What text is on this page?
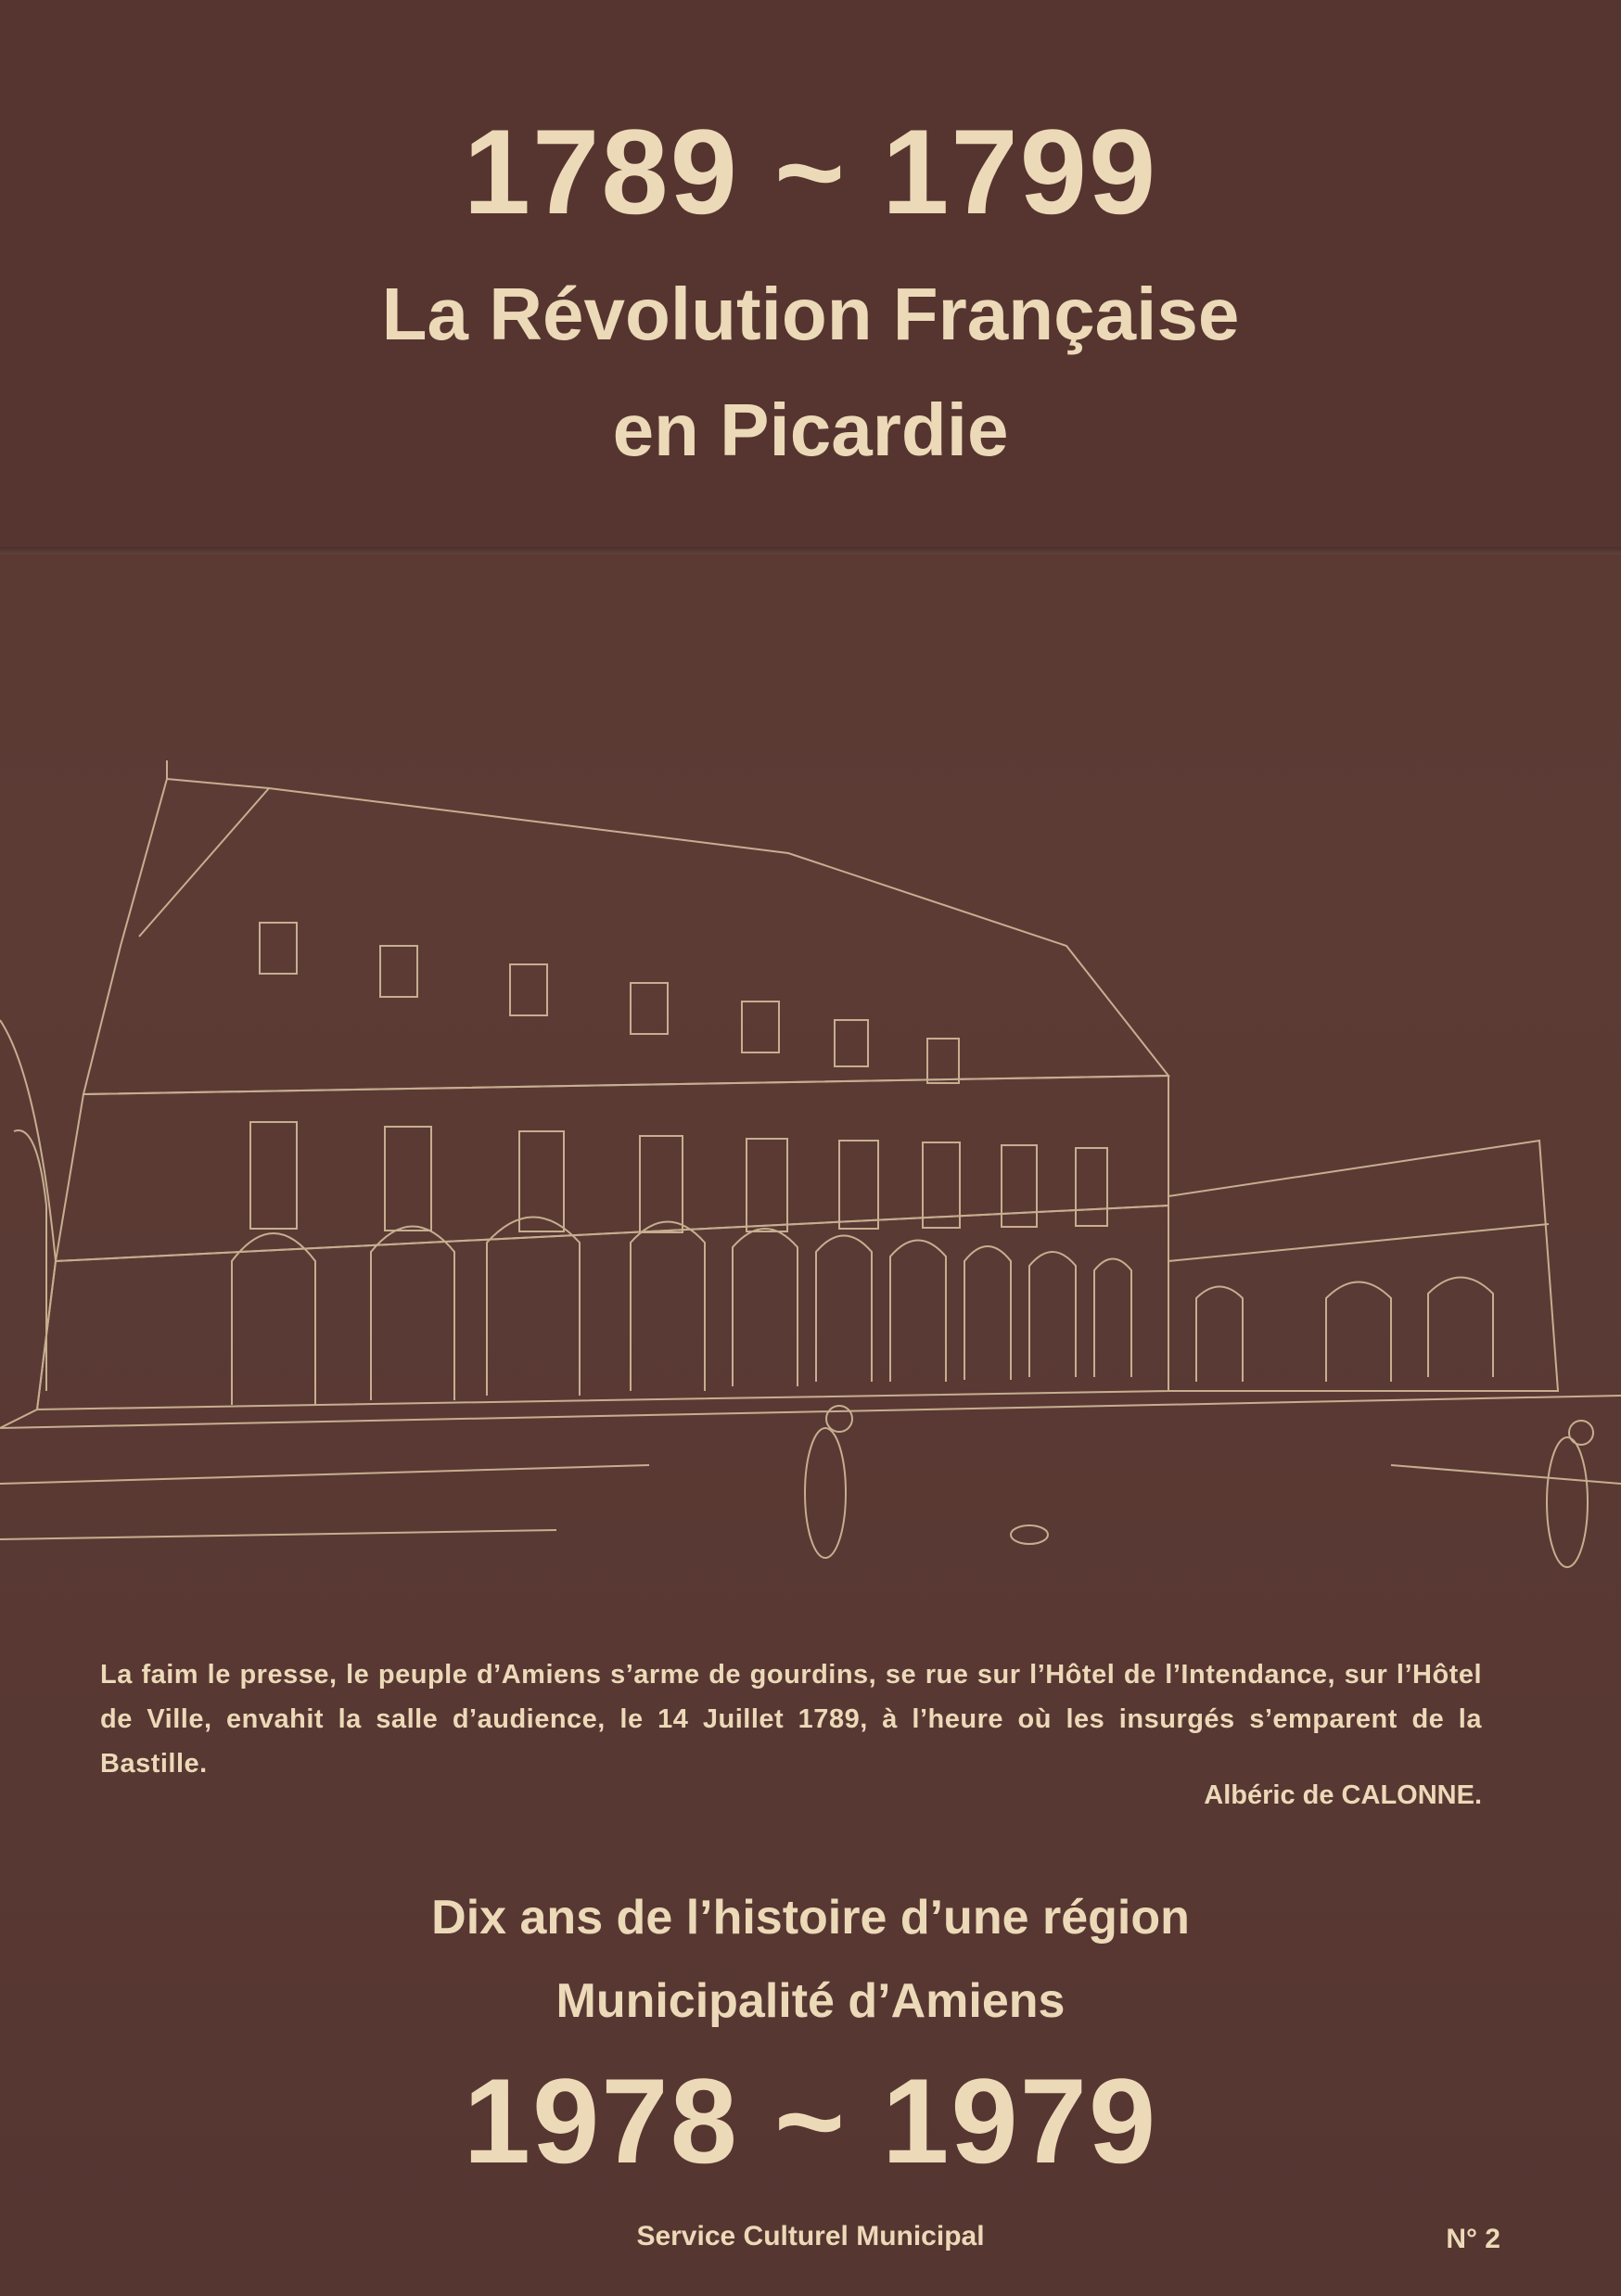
1789 ~ 1799
La Révolution Française
en Picardie
La faim le presse, le peuple d’Amiens s’arme de gourdins, se rue sur l’Hôtel de l’Intendance, sur l’Hôtel de Ville, envahit la salle d’audience, le 14 Juillet 1789, à l’heure où les insurgés s’emparent de la Bastille.
Albéric de CALONNE.
Dix ans de l’histoire d’une région
Municipalité d’Amiens
1978 ~ 1979
Service Culturel Municipal	N° 2
